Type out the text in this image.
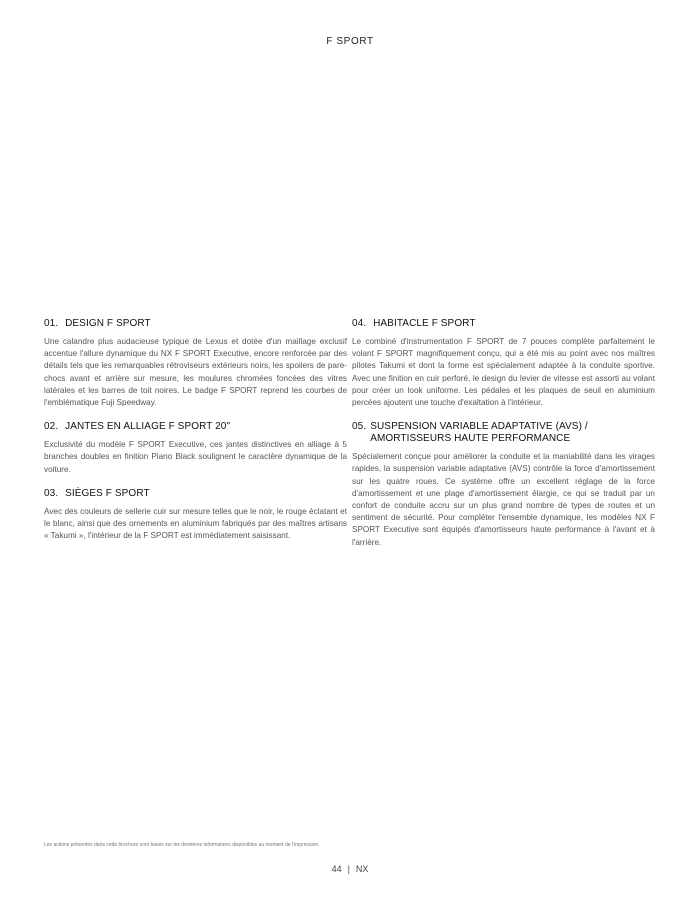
F SPORT
01. DESIGN F SPORT

Une calandre plus audacieuse typique de Lexus et dotée d'un maillage exclusif accentue l'allure dynamique du NX F SPORT Executive, encore renforcée par des détails tels que les remarquables rétroviseurs extérieurs noirs, les spoilers de pare-chocs avant et arrière sur mesure, les moulures chromées foncées des vitres latérales et les barres de toit noires. Le badge F SPORT reprend les courbes de l'emblématique Fuji Speedway.

02. JANTES EN ALLIAGE F SPORT 20"

Exclusivité du modèle F SPORT Executive, ces jantes distinctives en alliage à 5 branches doubles en finition Piano Black soulignent le caractère dynamique de la voiture.

03. SIÈGES F SPORT

Avec des couleurs de sellerie cuir sur mesure telles que le noir, le rouge éclatant et le blanc, ainsi que des ornements en aluminium fabriqués par des maîtres artisans « Takumi », l'intérieur de la F SPORT est immédiatement saisissant.

04. HABITACLE F SPORT

Le combiné d'instrumentation F SPORT de 7 pouces complète parfaitement le volant F SPORT magnifiquement conçu, qui a été mis au point avec nos maîtres pilotes Takumi et dont la forme est spécialement adaptée à la conduite sportive. Avec une finition en cuir perforé, le design du levier de vitesse est assorti au volant pour créer un look uniforme. Les pédales et les plaques de seuil en aluminium percées ajoutent une touche d'exaltation à l'intérieur.

05. SUSPENSION VARIABLE ADAPTATIVE (AVS) /
AMORTISSEURS HAUTE PERFORMANCE

Spécialement conçue pour améliorer la conduite et la maniabilité dans les virages rapides, la suspension variable adaptative (AVS) contrôle la force d'amortissement sur les quatre roues. Ce système offre un excellent réglage de la force d'amortissement et une plage d'amortissement élargie, ce qui se traduit par un confort de conduite accru sur un plus grand nombre de types de routes et un sentiment de sécurité. Pour compléter l'ensemble dynamique, les modèles NX F SPORT Executive sont équipés d'amortisseurs haute performance à l'avant et à l'arrière.

Les actions présentés dans cette brochure sont basés sur les dernières informations disponibles au moment de l'impression.
44 | NX
